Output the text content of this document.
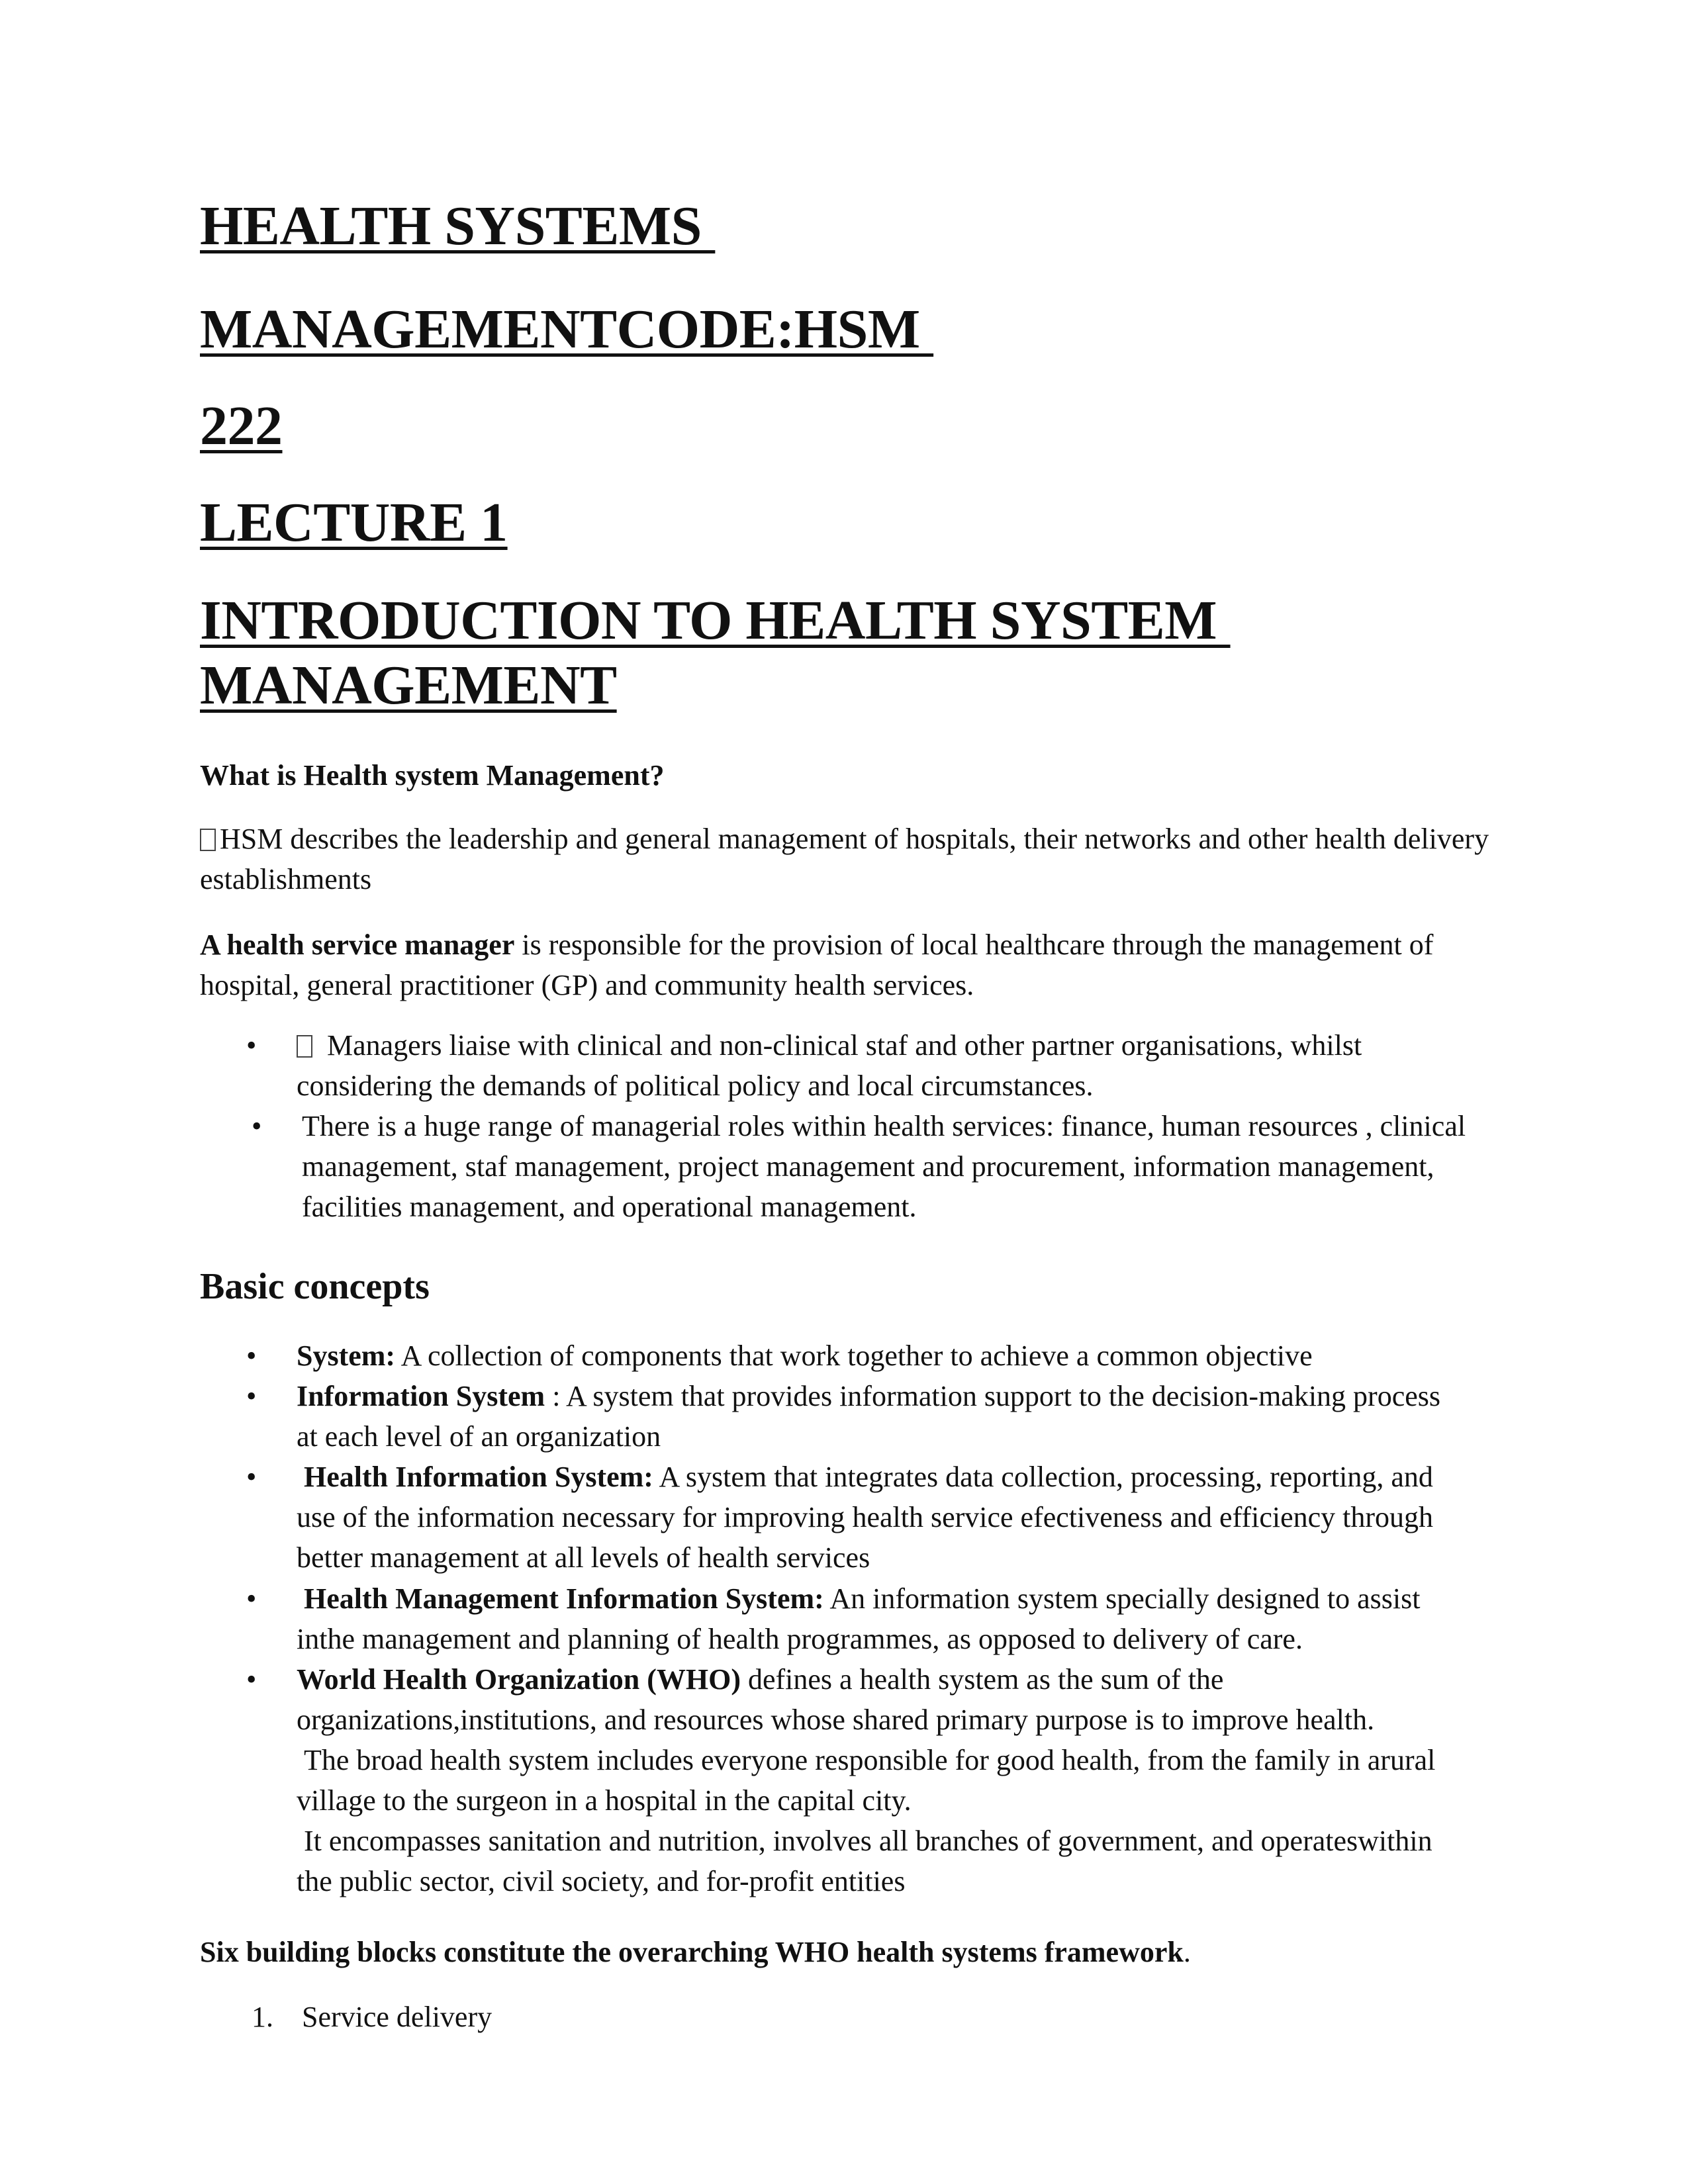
HEALTH SYSTEMS
MANAGEMENTCODE:HSM
222
LECTURE 1
INTRODUCTION TO HEALTH SYSTEM
MANAGEMENT

What is Health system Management?

HSM describes the leadership and general management of hospitals, their networks and other health delivery establishments

A health service manager is responsible for the provision of local healthcare through the management of hospital, general practitioner (GP) and community health services.

•	Managers liaise with clinical and non-clinical staf and other partner organisations, whilst considering the demands of political policy and local circumstances.

• There is a huge range of managerial roles within health services: finance, human resources , clinical management, staf management, project management and procurement, information management, facilities management, and operational management.

Basic concepts
• System: A collection of components that work together to achieve a common objective

• Information System : A system that provides information support to the decision-making process at each level of an organization

• Health Information System: A system that integrates data collection, processing, reporting, and use of the information necessary for improving health service efectiveness and efficiency through better management at all levels of health services

• Health Management Information System: An information system specially designed to assist inthe management and planning of health programmes, as opposed to delivery of care.

• World Health Organization (WHO) defines a health system as the sum of the organizations,institutions, and resources whose shared primary purpose is to improve health.

The broad health system includes everyone responsible for good health, from the family in arural village to the surgeon in a hospital in the capital city.

It encompasses sanitation and nutrition, involves all branches of government, and operateswithin the public sector, civil society, and for-profit entities

Six building blocks constitute the overarching WHO health systems framework.

1. Service delivery
